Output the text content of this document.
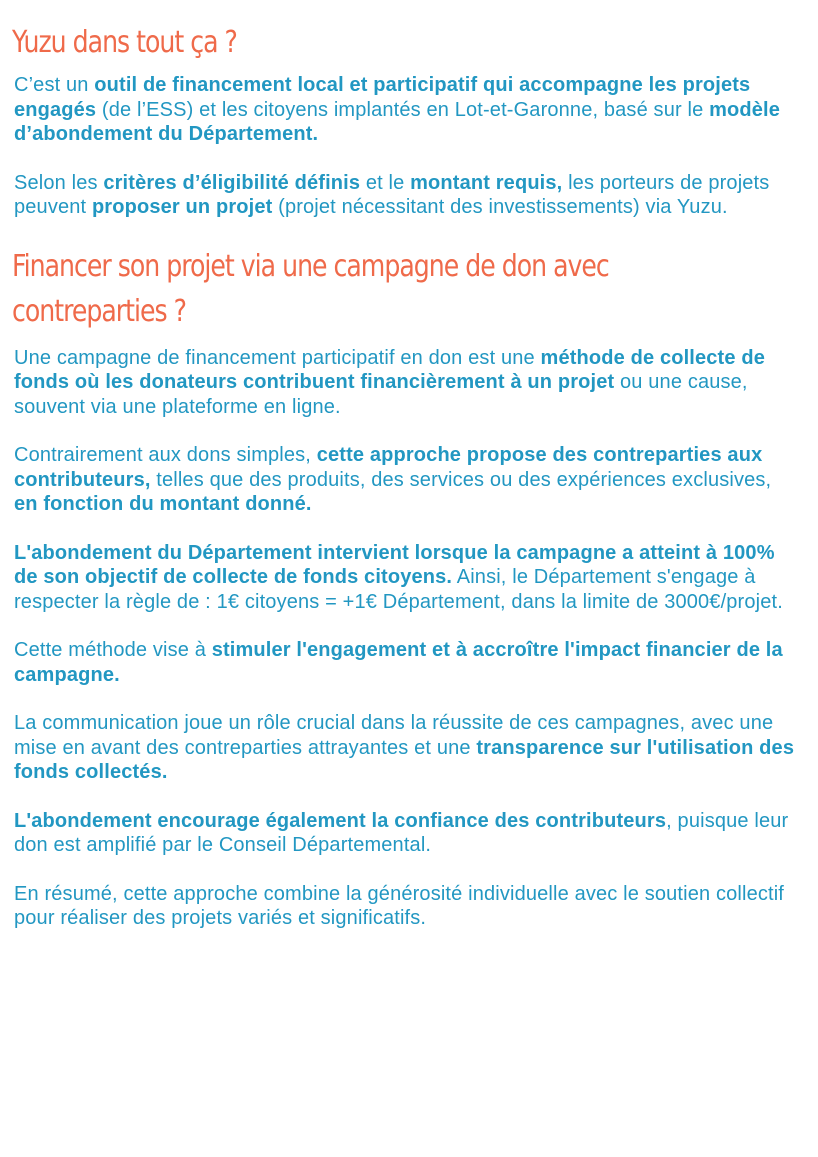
Yuzu dans tout ça ?

C’est un outil de financement local et participatif qui accompagne les projets engagés (de l’ESS) et les citoyens implantés en Lot-et-Garonne, basé sur le modèle d’abondement du Département.

Selon les critères d’éligibilité définis et le montant requis, les porteurs de projets peuvent proposer un projet (projet nécessitant des investissements) via Yuzu.

Financer son projet via une campagne de don avec contreparties ?

Une campagne de financement participatif en don est une méthode de collecte de fonds où les donateurs contribuent financièrement à un projet ou une cause, souvent via une plateforme en ligne.

Contrairement aux dons simples, cette approche propose des contreparties aux contributeurs, telles que des produits, des services ou des expériences exclusives, en fonction du montant donné.

L'abondement du Département intervient lorsque la campagne a atteint à 100% de son objectif de collecte de fonds citoyens. Ainsi, le Département s'engage à respecter la règle de : 1€ citoyens = +1€ Département, dans la limite de 3000€/projet.

Cette méthode vise à stimuler l'engagement et à accroître l'impact financier de la campagne.

La communication joue un rôle crucial dans la réussite de ces campagnes, avec une mise en avant des contreparties attrayantes et une transparence sur l'utilisation des fonds collectés.

L'abondement encourage également la confiance des contributeurs, puisque leur don est amplifié par le Conseil Départemental.

En résumé, cette approche combine la générosité individuelle avec le soutien collectif pour réaliser des projets variés et significatifs.
